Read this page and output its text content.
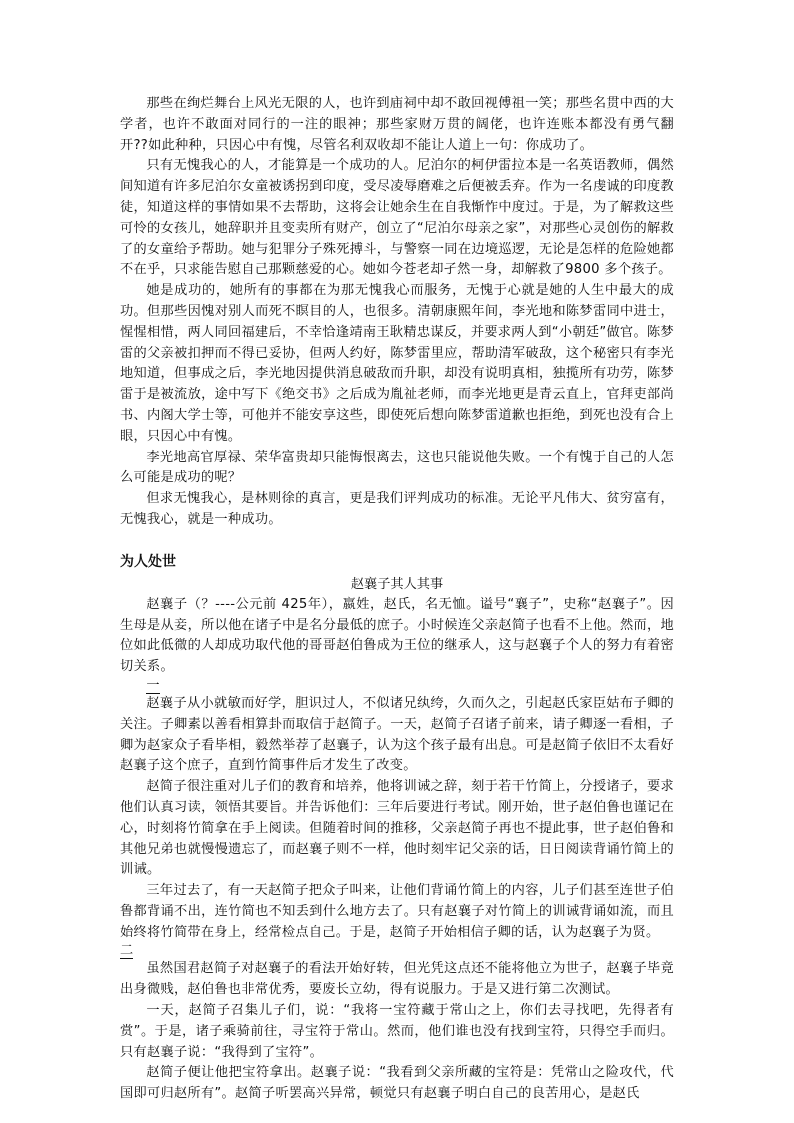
那些在绚烂舞台上风光无限的人，也许到庙祠中却不敢回视傅祖一笑；那些名贯中西的大学者，也许不敢面对同行的一注的眼神；那些家财万贯的阔佬，也许连账本都没有勇气翻开??如此种种，只因心中有愧，尽管名利双收却不能让人道上一句：你成功了。

只有无愧我心的人，才能算是一个成功的人。尼泊尔的柯伊雷拉本是一名英语教师，偶然间知道有许多尼泊尔女童被诱拐到印度，受尽凌辱磨难之后便被丢弃。作为一名虔诚的印度教徒，知道这样的事情如果不去帮助，这将会让她余生在自我惭怍中度过。于是，为了解救这些可怜的女孩儿，她辞职并且变卖所有财产，创立了“尼泊尔母亲之家”，对那些心灵创伤的解救了的女童给予帮助。她与犯罪分子殊死搏斗，与警察一同在边境巡逻，无论是怎样的危险她都不在乎，只求能告慰自己那颗慈爱的心。她如今苍老却孑然一身，却解救了9800 多个孩子。

她是成功的，她所有的事都在为那无愧我心而服务，无愧于心就是她的人生中最大的成功。但那些因愧对别人而死不瞑目的人，也很多。清朝康熙年间，李光地和陈梦雷同中进士，惺惺相惜，两人同回福建后，不幸恰逢靖南王耿精忠谋反，并要求两人到“小朝廷”做官。陈梦雷的父亲被扣押而不得已妥协，但两人约好，陈梦雷里应，帮助清军破敌，这个秘密只有李光地知道，但事成之后，李光地因提供消息破敌而升职，却没有说明真相，独揽所有功劳，陈梦雷于是被流放，途中写下《绝交书》之后成为胤祉老师，而李光地更是青云直上，官拜吏部尚书、内阁大学士等，可他并不能安享这些，即使死后想向陈梦雷道歉也拒绝，到死也没有合上眼，只因心中有愧。

李光地高官厚禄、荣华富贵却只能悔恨离去，这也只能说他失败。一个有愧于自己的人怎么可能是成功的呢？

但求无愧我心，是林则徐的真言，更是我们评判成功的标准。无论平凡伟大、贫穷富有，无愧我心，就是一种成功。

为人处世
赵襄子其人其事

赵襄子（？----公元前 425年），嬴姓，赵氏，名无恤。谥号“襄子”，史称“赵襄子”。因生母是从妾，所以他在诸子中是名分最低的庶子。小时候连父亲赵简子也看不上他。然而，地位如此低微的人却成功取代他的哥哥赵伯鲁成为王位的继承人，这与赵襄子个人的努力有着密切关系。

一

赵襄子从小就敏而好学，胆识过人，不似诸兄纨绔，久而久之，引起赵氏家臣姑布子卿的关注。子卿素以善看相算卦而取信于赵简子。一天，赵简子召诸子前来，请子卿逐一看相，子卿为赵家众子看毕相，毅然举荐了赵襄子，认为这个孩子最有出息。可是赵简子依旧不太看好赵襄子这个庶子，直到竹简事件后才发生了改变。

赵简子很注重对儿子们的教育和培养，他将训诫之辞，刻于若干竹简上，分授诸子，要求他们认真习读，领悟其要旨。并告诉他们：三年后要进行考试。刚开始，世子赵伯鲁也谨记在心，时刻将竹简拿在手上阅读。但随着时间的推移，父亲赵简子再也不提此事，世子赵伯鲁和其他兄弟也就慢慢遗忘了，而赵襄子则不一样，他时刻牢记父亲的话，日日阅读背诵竹简上的训诫。

三年过去了，有一天赵简子把众子叫来，让他们背诵竹简上的内容，儿子们甚至连世子伯鲁都背诵不出，连竹简也不知丢到什么地方去了。只有赵襄子对竹简上的训诫背诵如流，而且始终将竹简带在身上，经常检点自己。于是，赵简子开始相信子卿的话，认为赵襄子为贤。

二

虽然国君赵简子对赵襄子的看法开始好转，但光凭这点还不能将他立为世子，赵襄子毕竟出身微贱，赵伯鲁也非常优秀，要废长立幼，得有说服力。于是又进行第二次测试。

一天，赵简子召集儿子们，说：“我将一宝符藏于常山之上，你们去寻找吧，先得者有赏”。于是，诸子乘骑前往，寻宝符于常山。然而，他们谁也没有找到宝符，只得空手而归。只有赵襄子说：“我得到了宝符”。

赵简子便让他把宝符拿出。赵襄子说：“我看到父亲所藏的宝符是：凭常山之险攻代，代国即可归赵所有”。赵简子听罢高兴异常，顿觉只有赵襄子明白自己的良苦用心，是赵氏
